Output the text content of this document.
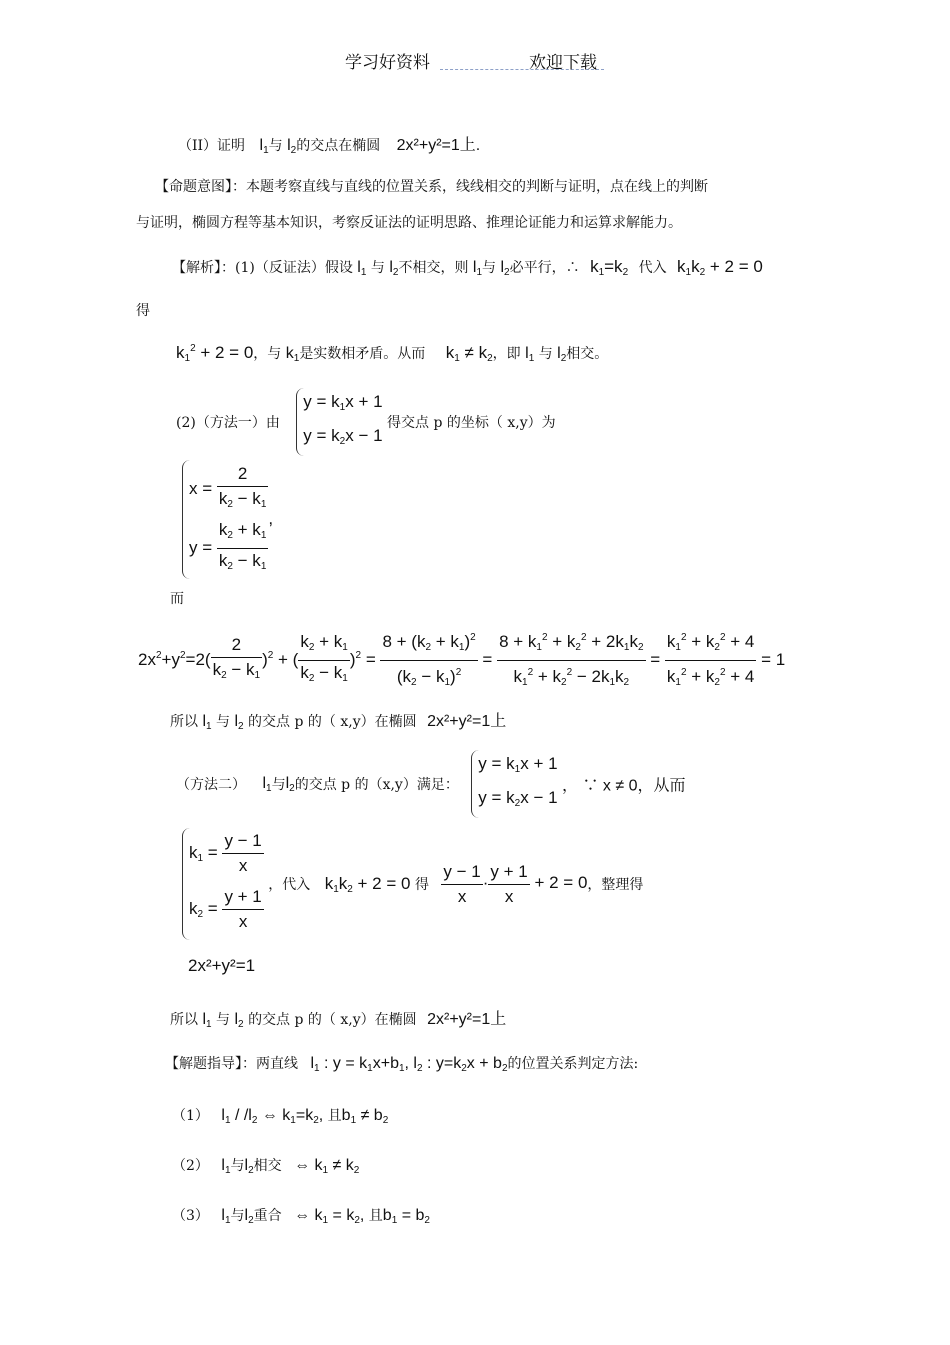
学习好资料	欢迎下载
（II）证明 $l_1$与 $l_2$的交点在椭圆 2x²+y²=1上.
【命题意图】：本题考察直线与直线的位置关系，线线相交的判断与证明，点在线上的判断
与证明，椭圆方程等基本知识，考察反证法的证明思路、推理论证能力和运算求解能力。
【解析】：(1)（反证法）假设 $l_1$ 与 $l_2$不相交，则 $l_1$与 $l_2$必平行，∴ $k_1=k_2$ 代入 $k_1k_2 + 2 = 0$
得
$k_1^2 + 2 = 0$，与 $k_1$是实数相矛盾。从而 $k_1 \ne k_2$，即 $l_1$ 与 $l_2$相交。
(2)（方法一）由
$y = k_1x + 1$
$y = k_2x - 1$
得交点 p 的坐标（ x,y）为
$x = \frac{2}{k_2 - k_1}$
$y = \frac{k_2 + k_1}{k_2 - k_1}$ ,
而
$2x^2+y^2=2( \frac{2}{k_2 - k_1} )^2$ + ( $\frac{k_2 + k_1}{k_2 - k_1} )^2 = \frac{8 + (k_2 + k_1)^2}{(k_2 - k_1)^2} = \frac{8 + k_1^2 + k_2^2 + 2k_1k_2}{k_1^2 + k_2^2 - 2k_1k_2} = \frac{k_1^2 + k_2^2 + 4}{k_1^2 + k_2^2 + 4} = 1$
所以 $l_1$ 与 $l_2$ 的交点 p 的（ x,y）在椭圆 2x²+y²=1上
（方法二） $l_1$与$l_2$的交点 p 的（x,y）满足：
$y = k_1x + 1$
$y = k_2x - 1$
， ∵ x ≠ 0，从而
$k_1 = \frac{y - 1}{x}$
$k_2 = \frac{y + 1}{x}$
，代入 $k_1k_2 + 2 = 0$ 得 $\frac{y - 1}{x} \cdot \frac{y + 1}{x} + 2 = 0$，整理得
2x²+y²=1
所以 $l_1$ 与 $l_2$ 的交点 p 的（ x,y）在椭圆 2x²+y²=1上
【解题指导】：两直线 $l_1$ : $y = k_1x+b_1$, $l_2$ : $y=k_2x + b_2$的位置关系判定方法:
（1） $l_1 / /l_2$ ⇔ $k_1=k_2$, 且$b_1 \ne b_2$
（2） $l_1$与$l_2$相交 ⇔ $k_1 \ne k_2$
（3） $l_1$与$l_2$重合 ⇔ $k_1 = k_2$, 且$b_1 = b_2$
